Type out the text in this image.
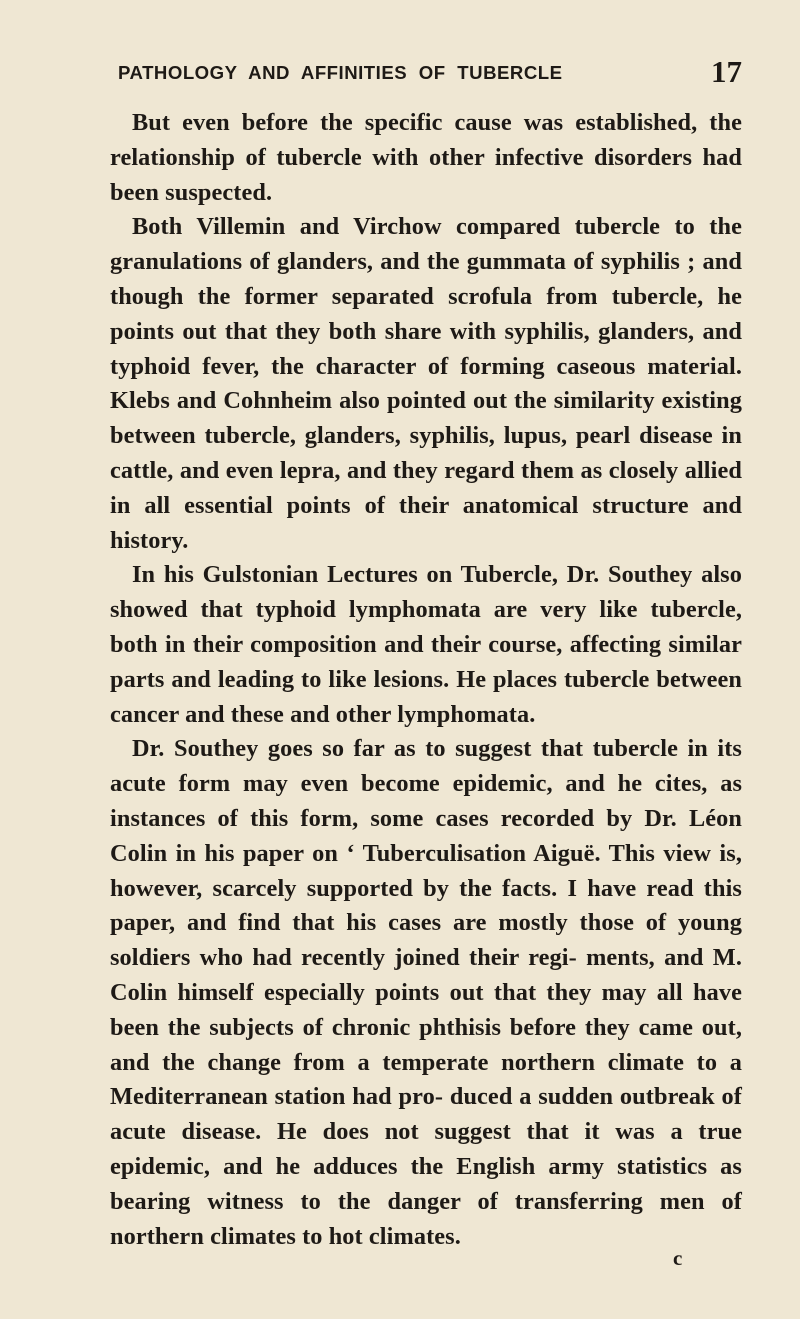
PATHOLOGY AND AFFINITIES OF TUBERCLE	17

But even before the specific cause was established, the relationship of tubercle with other infective disorders had been suspected.

Both Villemin and Virchow compared tubercle to the granulations of glanders, and the gummata of syphilis ; and though the former separated scrofula from tubercle, he points out that they both share with syphilis, glanders, and typhoid fever, the character of forming caseous material. Klebs and Cohnheim also pointed out the similarity existing between tubercle, glanders, syphilis, lupus, pearl disease in cattle, and even lepra, and they regard them as closely allied in all essential points of their anatomical structure and history.

In his Gulstonian Lectures on Tubercle, Dr. Southey also showed that typhoid lymphomata are very like tubercle, both in their composition and their course, affecting similar parts and leading to like lesions. He places tubercle between cancer and these and other lymphomata.

Dr. Southey goes so far as to suggest that tubercle in its acute form may even become epidemic, and he cites, as instances of this form, some cases recorded by Dr. Léon Colin in his paper on ‘ Tuberculisation Aiguë. This view is, however, scarcely supported by the facts. I have read this paper, and find that his cases are mostly those of young soldiers who had recently joined their regi- ments, and M. Colin himself especially points out that they may all have been the subjects of chronic phthisis before they came out, and the change from a temperate northern climate to a Mediterranean station had pro- duced a sudden outbreak of acute disease. He does not suggest that it was a true epidemic, and he adduces the English army statistics as bearing witness to the danger of transferring men of northern climates to hot climates.

c
